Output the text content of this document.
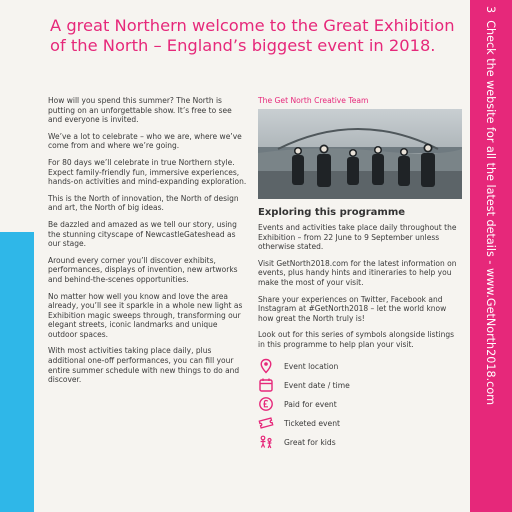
3  Check the website for all the latest details - www.GetNorth2018.com
A great Northern welcome to the Great Exhibition of the North – England’s biggest event in 2018.

How will you spend this summer? The North is putting on an unforgettable show. It’s free to see and everyone is invited.

We’ve a lot to celebrate – who we are, where we’ve come from and where we’re going.

For 80 days we’ll celebrate in true Northern style. Expect family-friendly fun, immersive experiences, hands-on activities and mind-expanding exploration.

This is the North of innovation, the North of design and art, the North of big ideas.

Be dazzled and amazed as we tell our story, using the stunning cityscape of NewcastleGateshead as our stage.

Around every corner you’ll discover exhibits, performances, displays of invention, new artworks and behind-the-scenes opportunities.

No matter how well you know and love the area already, you’ll see it sparkle in a whole new light as Exhibition magic sweeps through, transforming our elegant streets, iconic landmarks and unique outdoor spaces.

With most activities taking place daily, plus additional one-off performances, you can fill your entire summer schedule with new things to do and discover.

The Get North Creative Team
Exploring this programme

Events and activities take place daily throughout the Exhibition – from 22 June to 9 September unless otherwise stated.

Visit GetNorth2018.com for the latest information on events, plus handy hints and itineraries to help you make the most of your visit.

Share your experiences on Twitter, Facebook and Instagram at #GetNorth2018 – let the world know how great the North truly is!

Look out for this series of symbols alongside listings in this programme to help plan your visit.

Event location
Event date / time
Paid for event
Ticketed event
Great for kids
